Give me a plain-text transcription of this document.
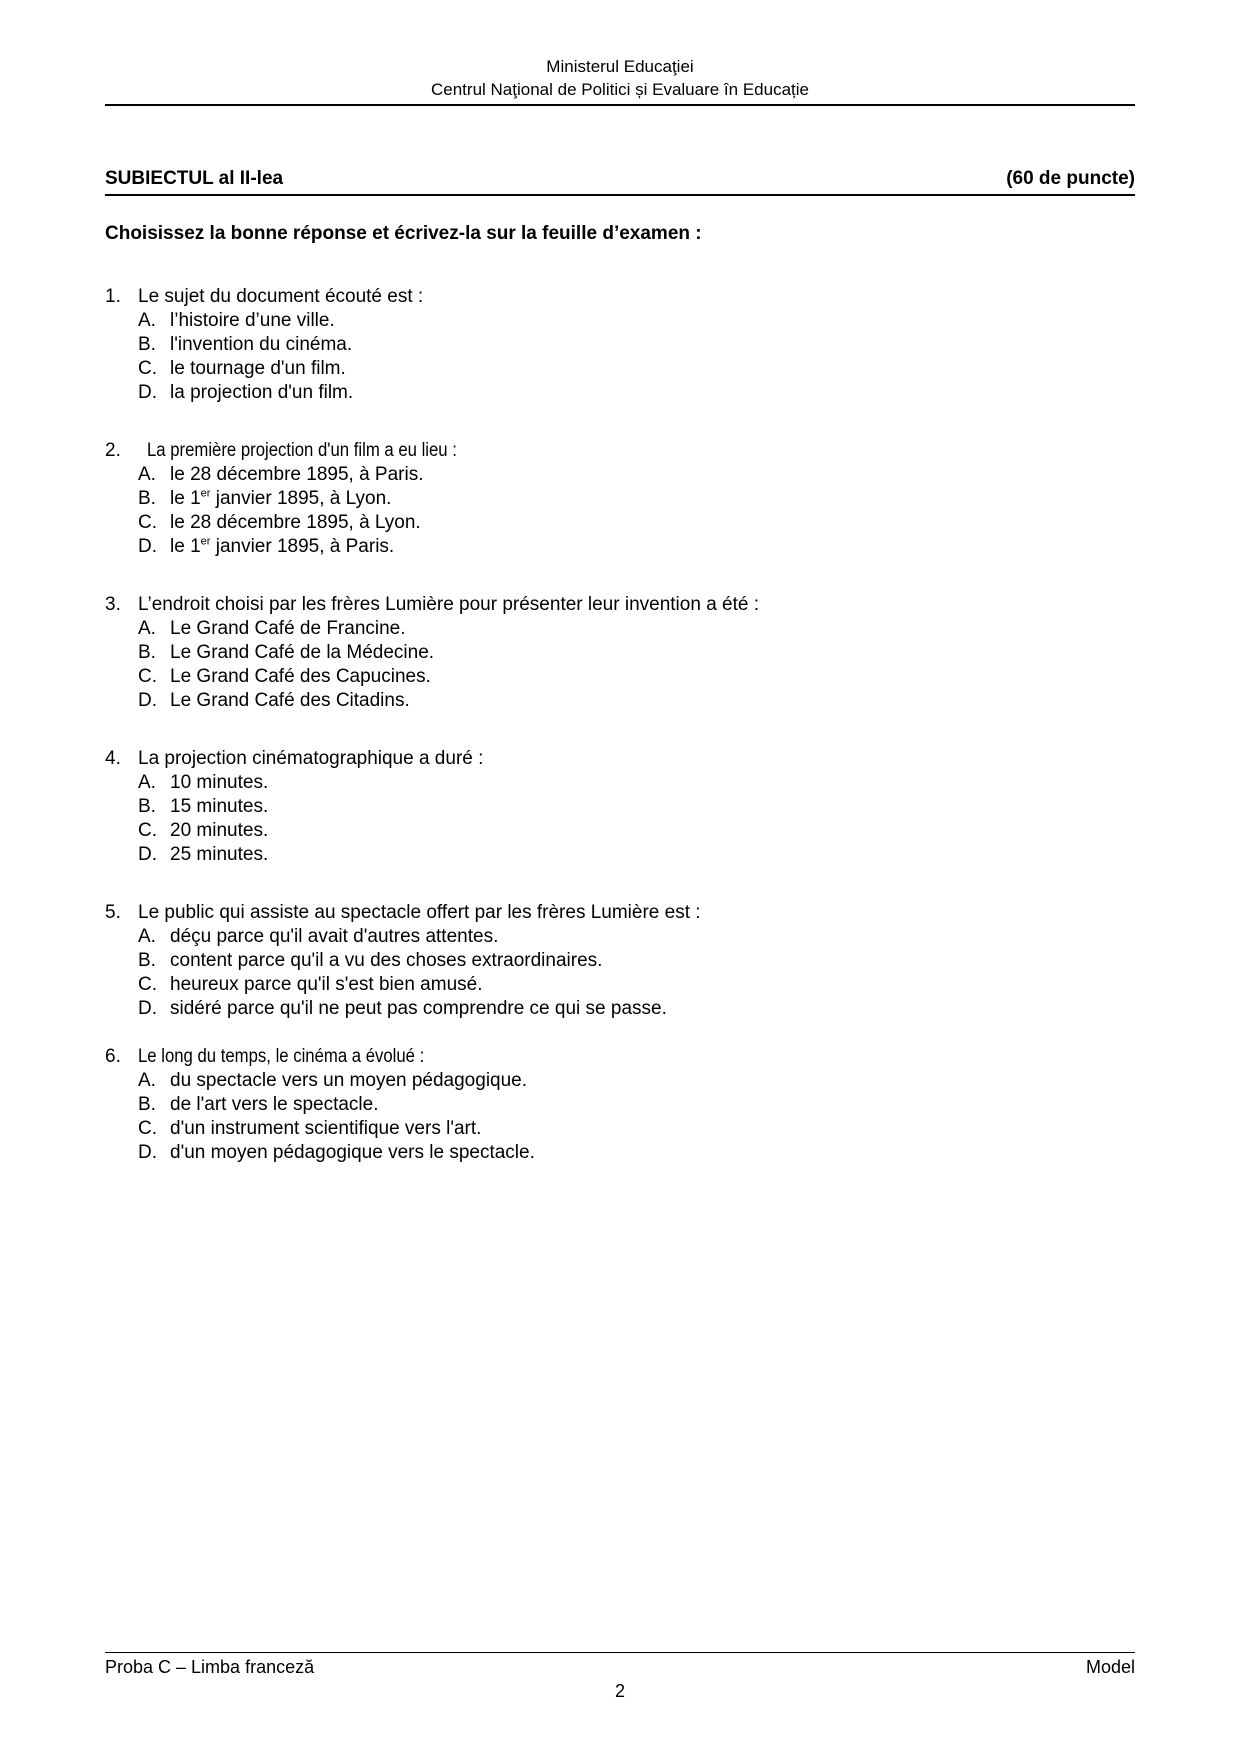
Ministerul Educaţiei
Centrul Naţional de Politici și Evaluare în Educație
SUBIECTUL al II-lea	(60 de puncte)
Choisissez la bonne réponse et écrivez-la sur la feuille d’examen :
1. Le sujet du document écouté est :
A. l’histoire d’une ville.
B. l'invention du cinéma.
C. le tournage d'un film.
D. la projection d'un film.
2.	La première projection d'un film a eu lieu :
A. le 28 décembre 1895, à Paris.
B. le 1er janvier 1895, à Lyon.
C. le 28 décembre 1895, à Lyon.
D. le 1er janvier 1895, à Paris.
3. L’endroit choisi par les frères Lumière pour présenter leur invention a été :
A. Le Grand Café de Francine.
B. Le Grand Café de la Médecine.
C. Le Grand Café des Capucines.
D. Le Grand Café des Citadins.
4. La projection cinématographique a duré :
A. 10 minutes.
B. 15 minutes.
C. 20 minutes.
D. 25 minutes.
5. Le public qui assiste au spectacle offert par les frères Lumière est :
A. déçu parce qu'il avait d'autres attentes.
B. content parce qu'il a vu des choses extraordinaires.
C. heureux parce qu'il s'est bien amusé.
D. sidéré parce qu'il ne peut pas comprendre ce qui se passe.
6. Le long du temps, le cinéma a évolué :
A. du spectacle vers un moyen pédagogique.
B. de l'art vers le spectacle.
C. d'un instrument scientifique vers l'art.
D. d'un moyen pédagogique vers le spectacle.
Proba C – Limba franceză	Model
2
